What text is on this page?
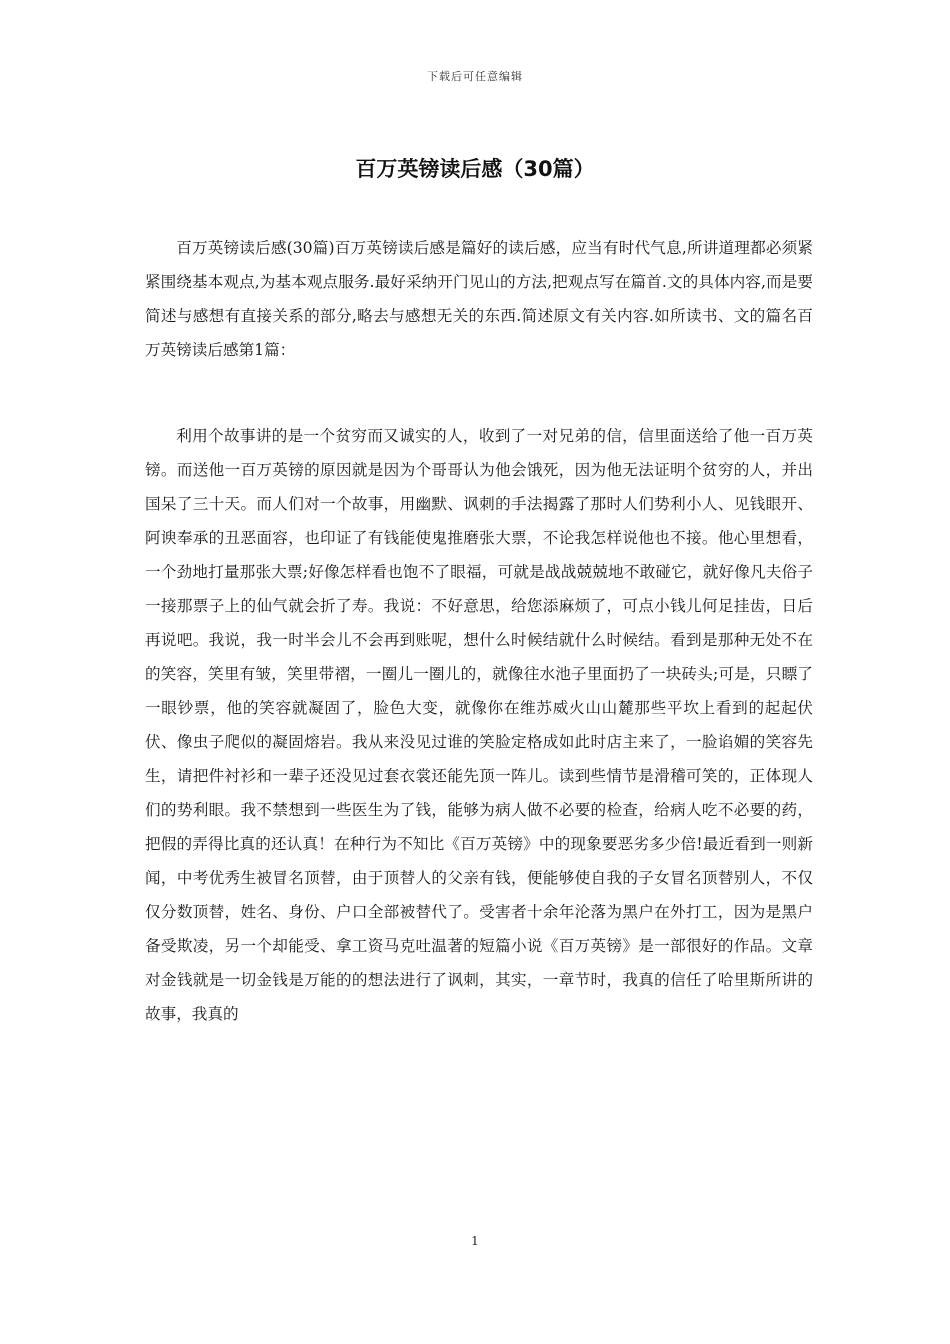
下载后可任意编辑
百万英镑读后感（30篇）

百万英镑读后感(30篇)百万英镑读后感是篇好的读后感，应当有时代气息,所讲道理都必须紧紧围绕基本观点,为基本观点服务.最好采纳开门见山的方法,把观点写在篇首.文的具体内容,而是要简述与感想有直接关系的部分,略去与感想无关的东西.简述原文有关内容.如所读书、文的篇名百万英镑读后感第1篇：

利用个故事讲的是一个贫穷而又诚实的人，收到了一对兄弟的信，信里面送给了他一百万英镑。而送他一百万英镑的原因就是因为个哥哥认为他会饿死，因为他无法证明个贫穷的人，并出国呆了三十天。而人们对一个故事，用幽默、讽刺的手法揭露了那时人们势利小人、见钱眼开、阿谀奉承的丑恶面容，也印证了有钱能使鬼推磨张大票，不论我怎样说他也不接。他心里想看，一个劲地打量那张大票;好像怎样看也饱不了眼福，可就是战战兢兢地不敢碰它，就好像凡夫俗子一接那票子上的仙气就会折了寿。我说：不好意思，给您添麻烦了，可点小钱儿何足挂齿，日后再说吧。我说，我一时半会儿不会再到账呢，想什么时候结就什么时候结。看到是那种无处不在的笑容，笑里有皱，笑里带褶，一圈儿一圈儿的，就像往水池子里面扔了一块砖头;可是，只瞟了一眼钞票，他的笑容就凝固了，脸色大变，就像你在维苏威火山山麓那些平坎上看到的起起伏伏、像虫子爬似的凝固熔岩。我从来没见过谁的笑脸定格成如此时店主来了，一脸谄媚的笑容先生，请把件衬衫和一辈子还没见过套衣裳还能先顶一阵儿。读到些情节是滑稽可笑的，正体现人们的势利眼。我不禁想到一些医生为了钱，能够为病人做不必要的检查，给病人吃不必要的药，把假的弄得比真的还认真！在种行为不知比《百万英镑》中的现象要恶劣多少倍!最近看到一则新闻，中考优秀生被冒名顶替，由于顶替人的父亲有钱，便能够使自我的子女冒名顶替别人，不仅仅分数顶替，姓名、身份、户口全部被替代了。受害者十余年沦落为黑户在外打工，因为是黑户备受欺凌，另一个却能受、拿工资马克吐温著的短篇小说《百万英镑》是一部很好的作品。文章对金钱就是一切金钱是万能的的想法进行了讽刺，其实，一章节时，我真的信任了哈里斯所讲的故事，我真的

1
